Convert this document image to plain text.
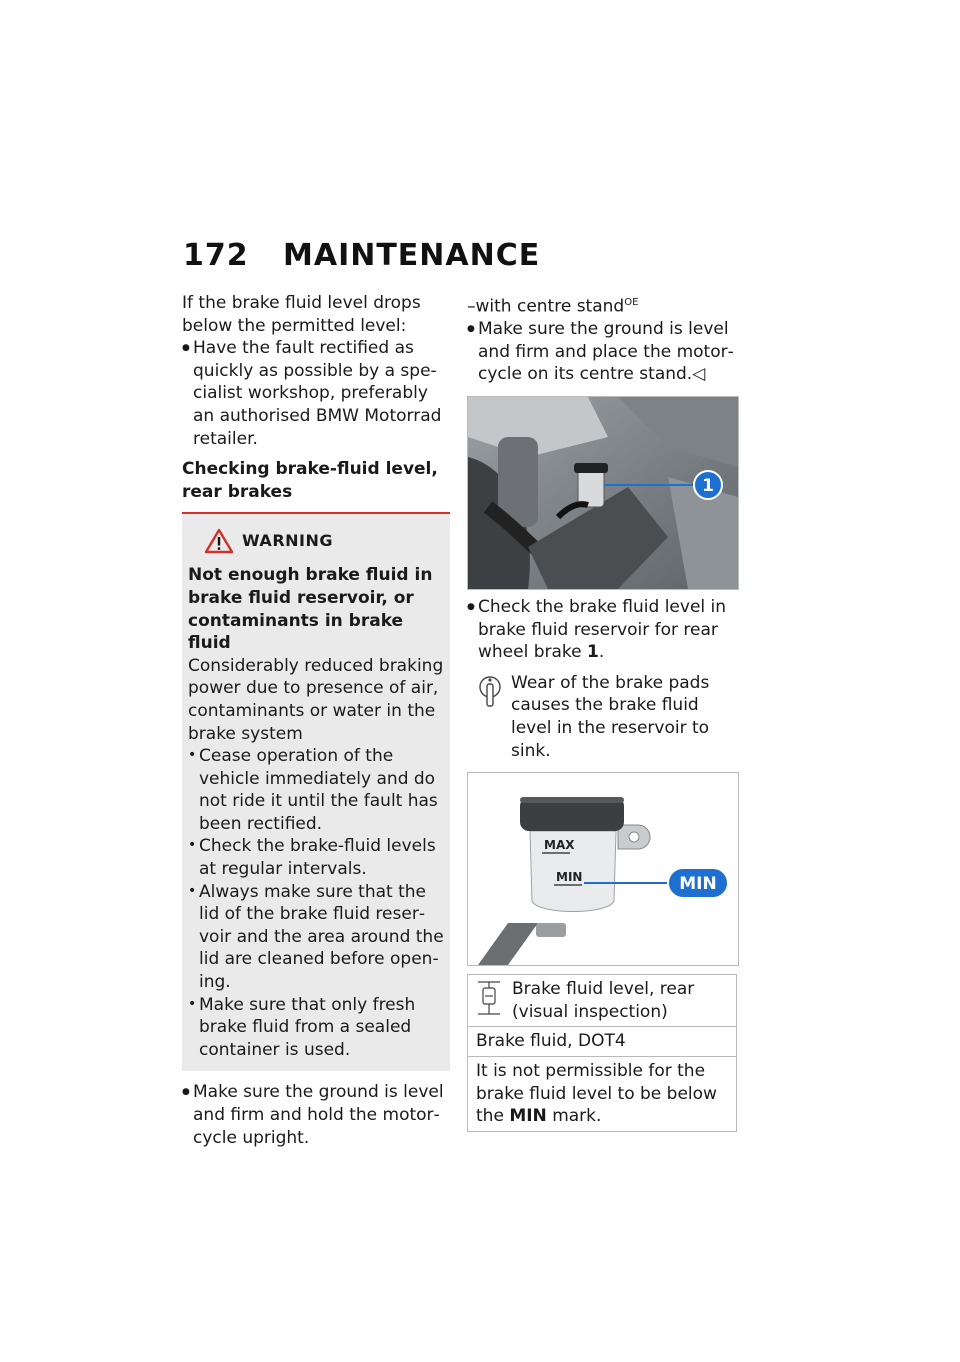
172 MAINTENANCE

If the brake fluid level drops below the permitted level:

● Have the fault rectified as quickly as possible by a specialist workshop, preferably an authorised BMW Motorrad retailer.

Checking brake-fluid level, rear brakes

WARNING

Not enough brake fluid in brake fluid reservoir, or contaminants in brake fluid

Considerably reduced braking power due to presence of air, contaminants or water in the brake system

• Cease operation of the vehicle immediately and do not ride it until the fault has been rectified.

• Check the brake-fluid levels at regular intervals.

• Always make sure that the lid of the brake fluid reservoir and the area around the lid are cleaned before opening.

• Make sure that only fresh brake fluid from a sealed container is used.

● Make sure the ground is level and firm and hold the motorcycle upright.

–with centre stand$^{OE}$

● Make sure the ground is level and firm and place the motorcycle on its centre stand.◁

1

● Check the brake fluid level in brake fluid reservoir for rear wheel brake 1.

Wear of the brake pads causes the brake fluid level in the reservoir to sink.

MAX
MIN	MIN
Brake fluid level, rear (visual inspection)

Brake fluid, DOT4
It is not permissible for the brake fluid level to be below the MIN mark.
